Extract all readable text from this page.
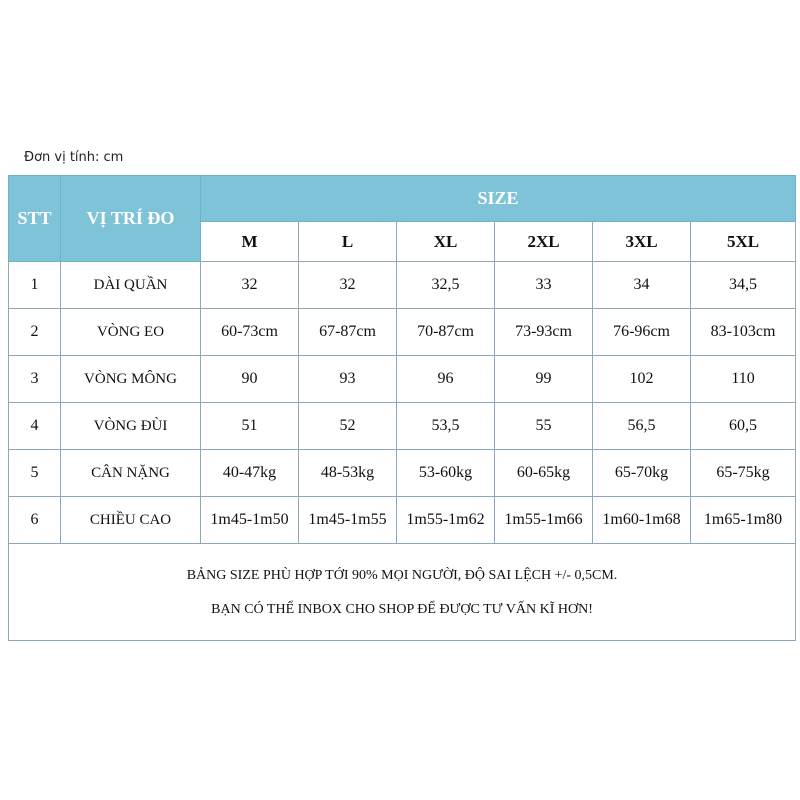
Đơn vị tính: cm
STT	VỊ TRÍ ĐO	SIZE					
		M	L	XL	2XL	3XL	5XL
1	DÀI QUẦN	32	32	32,5	33	34	34,5
2	VÒNG EO	60-73cm	67-87cm	70-87cm	73-93cm	76-96cm	83-103cm
3	VÒNG MÔNG	90	93	96	99	102	110
4	VÒNG ĐÙI	51	52	53,5	55	56,5	60,5
5	CÂN NẶNG	40-47kg	48-53kg	53-60kg	60-65kg	65-70kg	65-75kg
6	CHIỀU CAO	1m45-1m50	1m45-1m55	1m55-1m62	1m55-1m66	1m60-1m68	1m65-1m80

BẢNG SIZE PHÙ HỢP TỚI 90% MỌI NGƯỜI, ĐỘ SAI LỆCH +/- 0,5CM.
BẠN CÓ THỂ INBOX CHO SHOP ĐỂ ĐƯỢC TƯ VẤN KĨ HƠN!							
